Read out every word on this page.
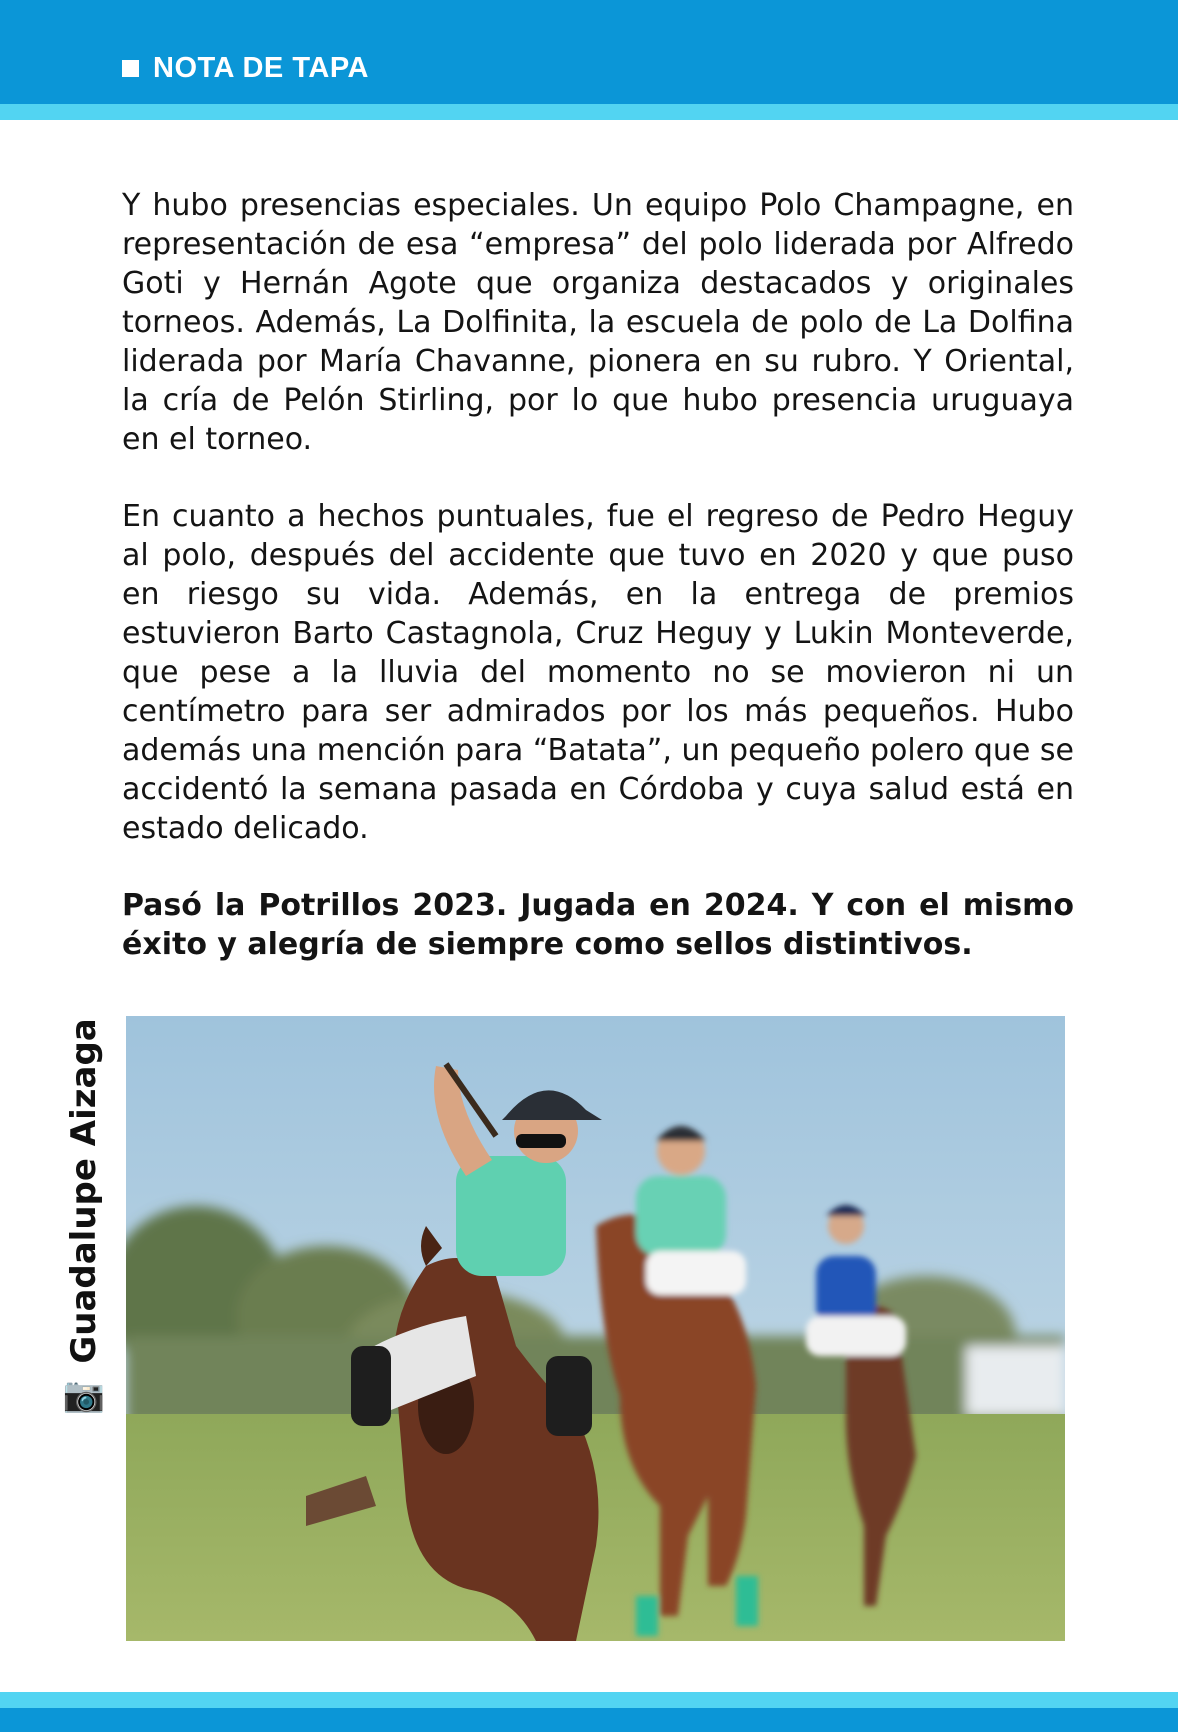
NOTA DE TAPA

Y hubo presencias especiales. Un equipo Polo Champagne, en representación de esa “empresa” del polo liderada por Alfredo Goti y Hernán Agote que organiza destacados y originales torneos. Además, La Dolfinita, la escuela de polo de La Dolfina liderada por María Chavanne, pionera en su rubro. Y Oriental, la cría de Pelón Stirling, por lo que hubo presencia uruguaya en el torneo.

En cuanto a hechos puntuales, fue el regreso de Pedro Heguy al polo, después del accidente que tuvo en 2020 y que puso en riesgo su vida. Además, en la entrega de premios estuvieron Barto Castagnola, Cruz Heguy y Lukin Monteverde, que pese a la lluvia del momento no se movieron ni un centímetro para ser admirados por los más pequeños. Hubo además una mención para “Batata”, un pequeño polero que se accidentó la semana pasada en Córdoba y cuya salud está en estado delicado.

Pasó la Potrillos 2023. Jugada en 2024. Y con el mismo éxito y alegría de siempre como sellos distintivos.

📷
Guadalupe Aizaga
